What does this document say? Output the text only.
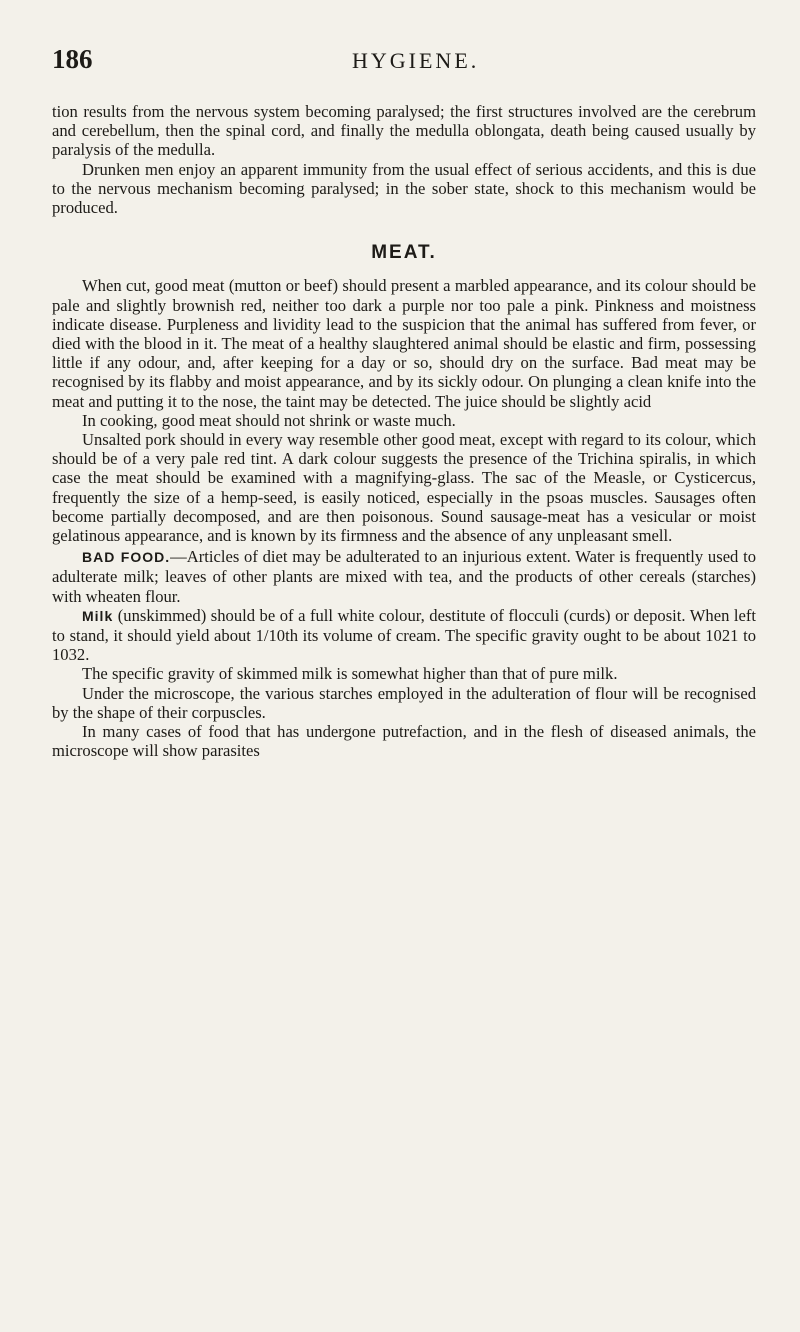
186	HYGIENE.

tion results from the nervous system becoming paralysed; the first structures involved are the cerebrum and cerebellum, then the spinal cord, and finally the medulla oblongata, death being caused usually by paralysis of the medulla.

Drunken men enjoy an apparent immunity from the usual effect of serious accidents, and this is due to the nervous mechanism becoming paralysed; in the sober state, shock to this mechanism would be produced.

MEAT.

When cut, good meat (mutton or beef) should present a marbled appearance, and its colour should be pale and slightly brownish red, neither too dark a purple nor too pale a pink. Pinkness and moistness indicate disease. Purpleness and lividity lead to the suspicion that the animal has suffered from fever, or died with the blood in it. The meat of a healthy slaughtered animal should be elastic and firm, possessing little if any odour, and, after keeping for a day or so, should dry on the surface. Bad meat may be recognised by its flabby and moist appearance, and by its sickly odour. On plunging a clean knife into the meat and putting it to the nose, the taint may be detected. The juice should be slightly acid

In cooking, good meat should not shrink or waste much.

Unsalted pork should in every way resemble other good meat, except with regard to its colour, which should be of a very pale red tint. A dark colour suggests the presence of the Trichina spiralis, in which case the meat should be examined with a magnifying-glass. The sac of the Measle, or Cysticercus, frequently the size of a hemp-seed, is easily noticed, especially in the psoas muscles. Sausages often become partially decomposed, and are then poisonous. Sound sausage-meat has a vesicular or moist gelatinous appearance, and is known by its firmness and the absence of any unpleasant smell.

BAD FOOD.—Articles of diet may be adulterated to an injurious extent. Water is frequently used to adulterate milk; leaves of other plants are mixed with tea, and the products of other cereals (starches) with wheaten flour.

Milk (unskimmed) should be of a full white colour, destitute of flocculi (curds) or deposit. When left to stand, it should yield about 1/10th its volume of cream. The specific gravity ought to be about 1021 to 1032.

The specific gravity of skimmed milk is somewhat higher than that of pure milk.

Under the microscope, the various starches employed in the adulteration of flour will be recognised by the shape of their corpuscles.

In many cases of food that has undergone putrefaction, and in the flesh of diseased animals, the microscope will show parasites
